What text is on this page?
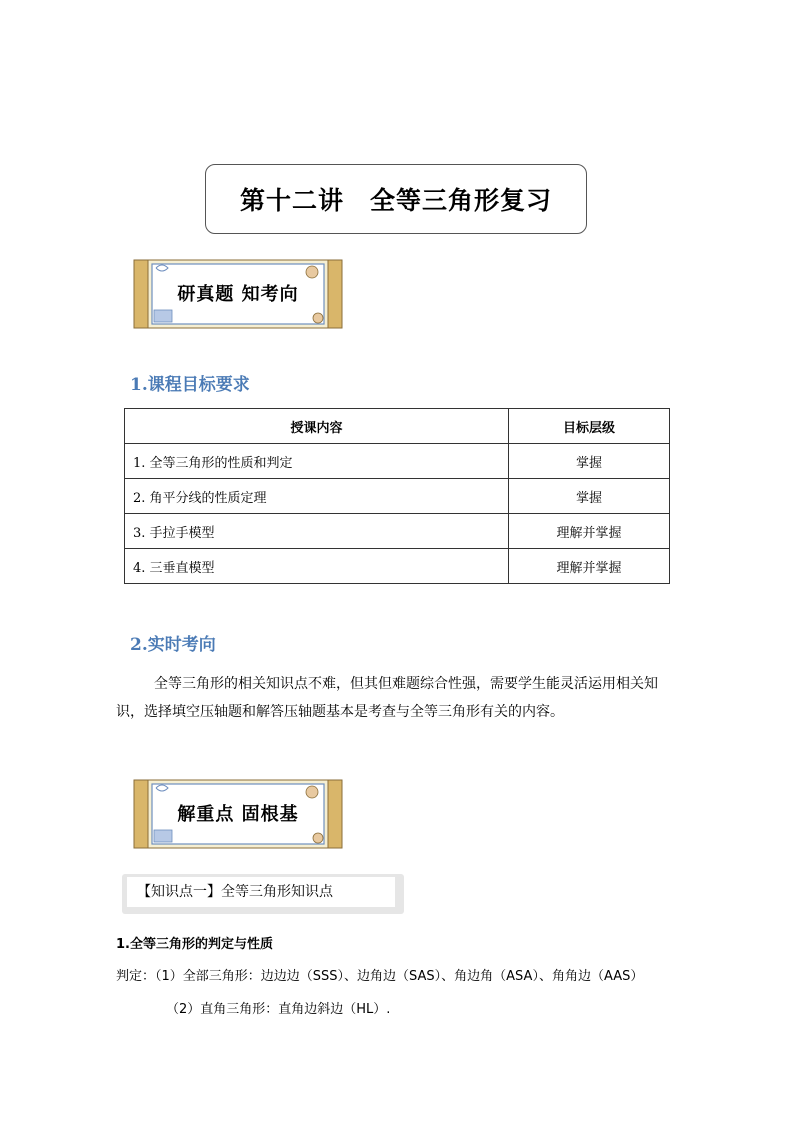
第十二讲　全等三角形复习
研真题 知考向
1.课程目标要求
授课内容	目标层级
1. 全等三角形的性质和判定	掌握
2. 角平分线的性质定理	掌握
3. 手拉手模型	理解并掌握
4. 三垂直模型	理解并掌握
2.实时考向
全等三角形的相关知识点不难，但其但难题综合性强，需要学生能灵活运用相关知识，选择填空压轴题和解答压轴题基本是考查与全等三角形有关的内容。
解重点 固根基
【知识点一】全等三角形知识点
1.全等三角形的判定与性质
判定：（1）全部三角形：边边边（SSS）、边角边（SAS）、角边角（ASA）、角角边（AAS）
（2）直角三角形：直角边斜边（HL）.
